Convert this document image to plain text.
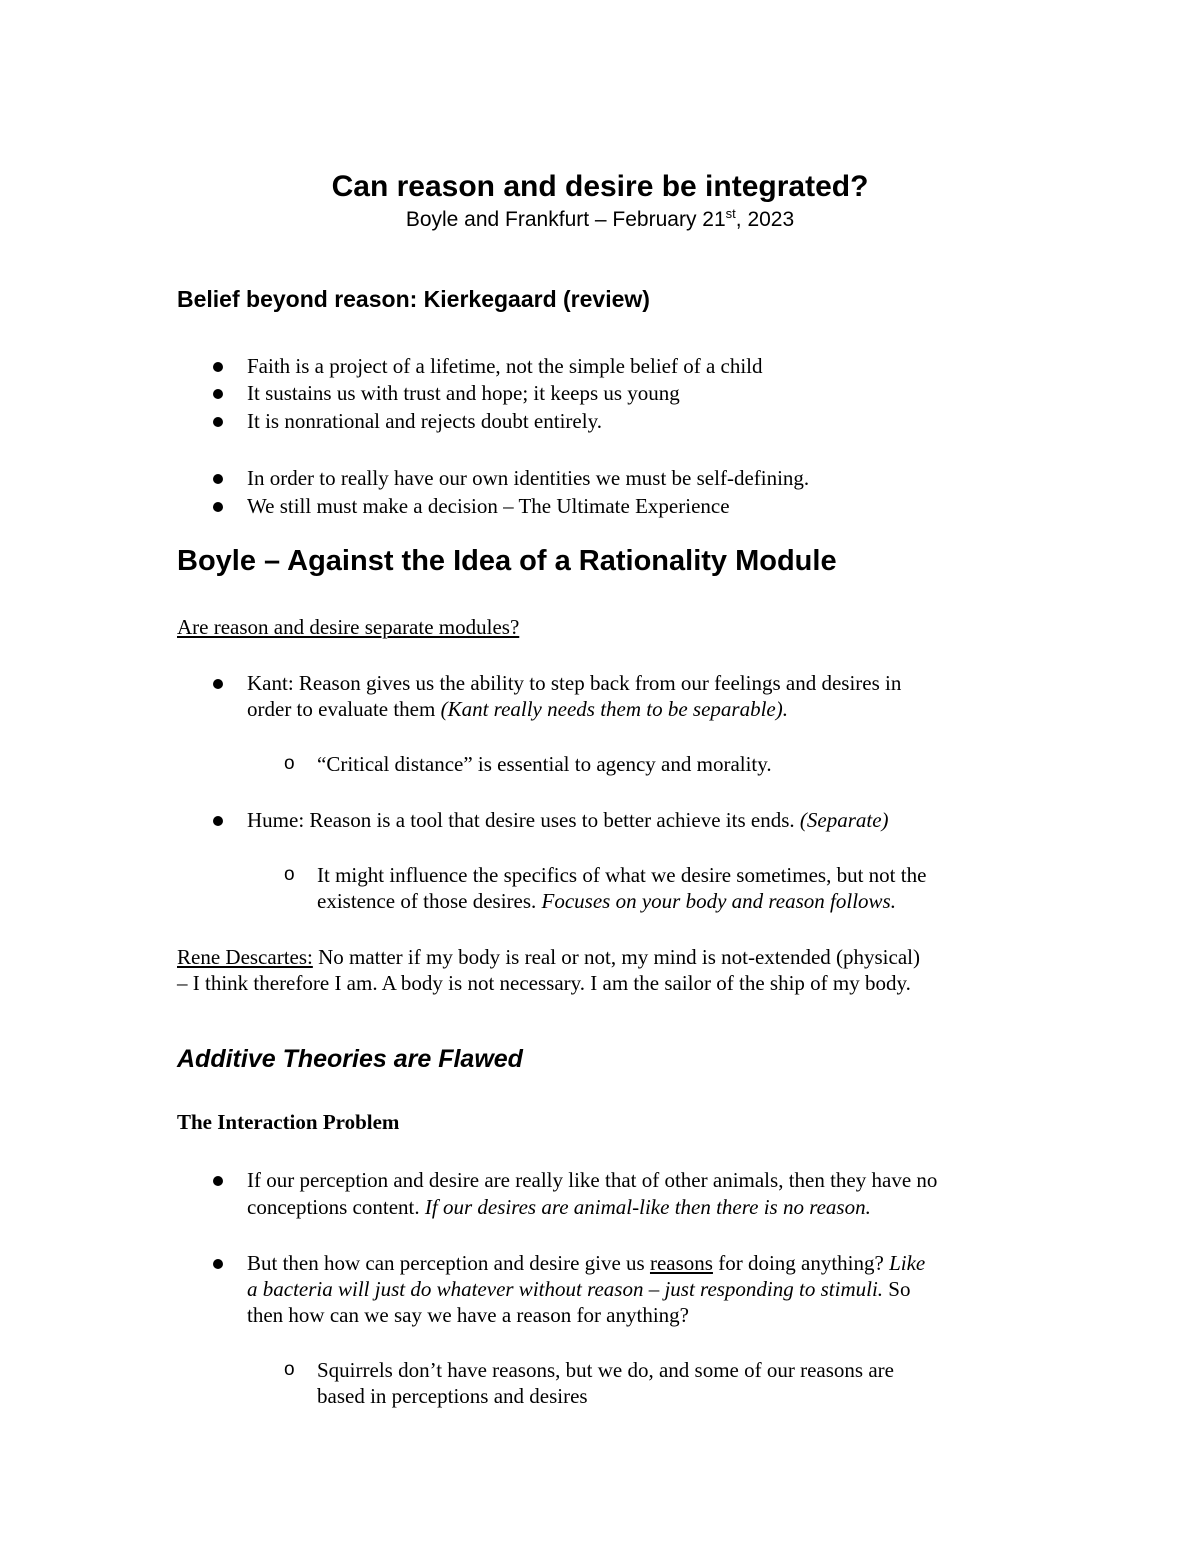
Can reason and desire be integrated?
Boyle and Frankfurt – February 21st, 2023
Belief beyond reason: Kierkegaard (review)
Faith is a project of a lifetime, not the simple belief of a child
It sustains us with trust and hope; it keeps us young
It is nonrational and rejects doubt entirely.
In order to really have our own identities we must be self-defining.
We still must make a decision – The Ultimate Experience
Boyle – Against the Idea of a Rationality Module
Are reason and desire separate modules?
Kant: Reason gives us the ability to step back from our feelings and desires in
order to evaluate them (Kant really needs them to be separable).
o “Critical distance” is essential to agency and morality.
Hume: Reason is a tool that desire uses to better achieve its ends. (Separate)
o It might influence the specifics of what we desire sometimes, but not the
existence of those desires. Focuses on your body and reason follows.
Rene Descartes: No matter if my body is real or not, my mind is not-extended (physical)
– I think therefore I am. A body is not necessary. I am the sailor of the ship of my body.
Additive Theories are Flawed
The Interaction Problem
If our perception and desire are really like that of other animals, then they have no
conceptions content. If our desires are animal-like then there is no reason.
But then how can perception and desire give us reasons for doing anything? Like
a bacteria will just do whatever without reason – just responding to stimuli. So
then how can we say we have a reason for anything?
o Squirrels don’t have reasons, but we do, and some of our reasons are
based in perceptions and desires
